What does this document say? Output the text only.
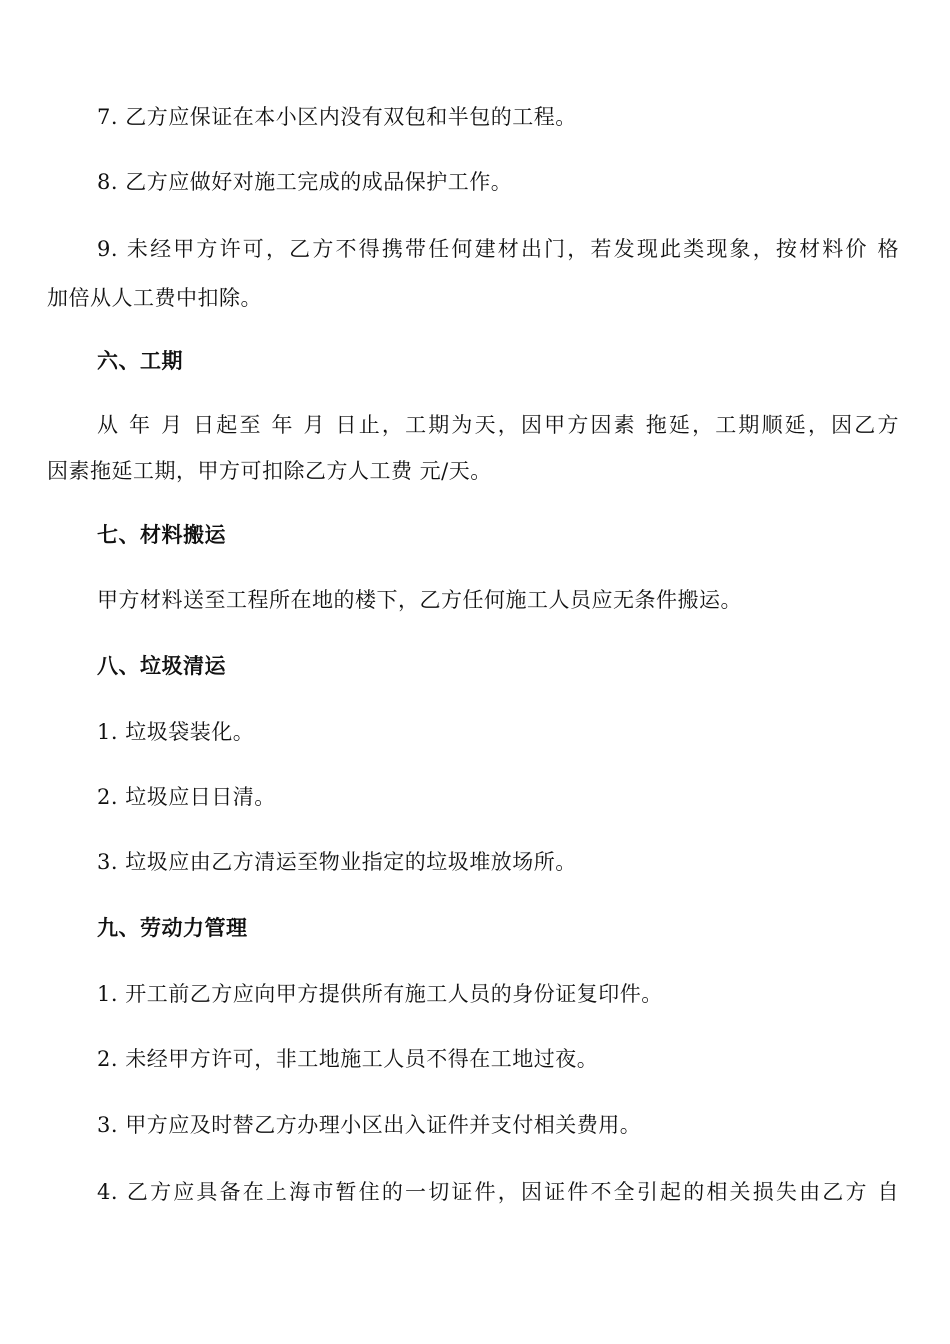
7. 乙方应保证在本小区内没有双包和半包的工程。
8. 乙方应做好对施工完成的成品保护工作。
9. 未经甲方许可，乙方不得携带任何建材出门，若发现此类现象，按材料价 格
加倍从人工费中扣除。
六、工期
从 年 月 日起至 年 月 日止，工期为天，因甲方因素 拖延，工期顺延，因乙方
因素拖延工期，甲方可扣除乙方人工费 元/天。
七、材料搬运
甲方材料送至工程所在地的楼下，乙方任何施工人员应无条件搬运。
八、垃圾清运
1. 垃圾袋装化。
2. 垃圾应日日清。
3. 垃圾应由乙方清运至物业指定的垃圾堆放场所。
九、劳动力管理
1. 开工前乙方应向甲方提供所有施工人员的身份证复印件。
2. 未经甲方许可，非工地施工人员不得在工地过夜。
3. 甲方应及时替乙方办理小区出入证件并支付相关费用。
4. 乙方应具备在上海市暂住的一切证件，因证件不全引起的相关损失由乙方 自
